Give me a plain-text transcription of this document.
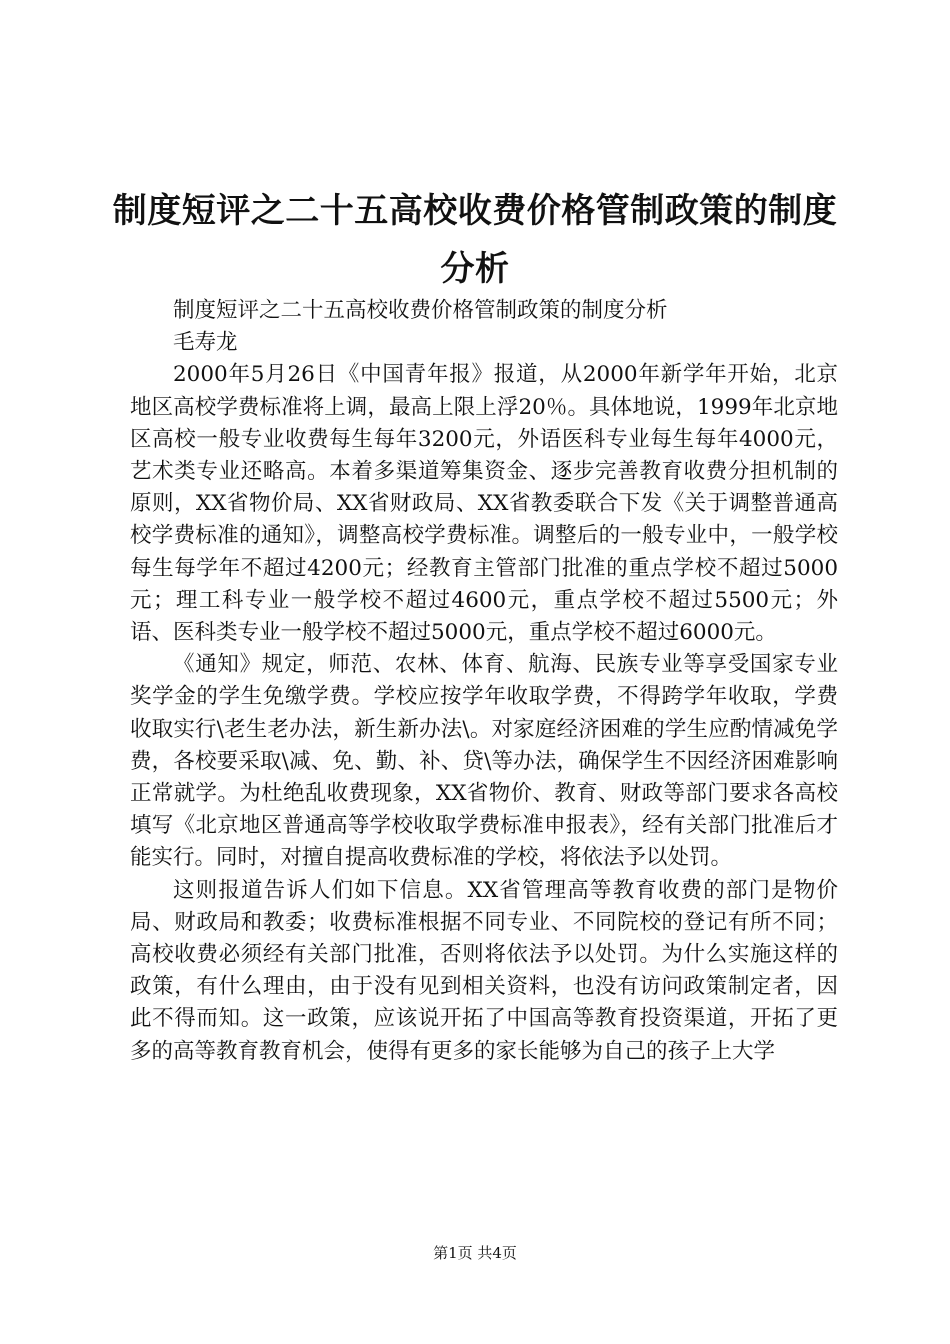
制度短评之二十五高校收费价格管制政策的制度分析

制度短评之二十五高校收费价格管制政策的制度分析

毛寿龙

2000年5月26日《中国青年报》报道，从2000年新学年开始，北京地区高校学费标准将上调，最高上限上浮20％。具体地说，1999年北京地区高校一般专业收费每生每年3200元，外语医科专业每生每年4000元，艺术类专业还略高。本着多渠道筹集资金、逐步完善教育收费分担机制的原则，XX省物价局、XX省财政局、XX省教委联合下发《关于调整普通高校学费标准的通知》，调整高校学费标准。调整后的一般专业中，一般学校每生每学年不超过4200元；经教育主管部门批准的重点学校不超过5000元；理工科专业一般学校不超过4600元，重点学校不超过5500元；外语、医科类专业一般学校不超过5000元，重点学校不超过6000元。

《通知》规定，师范、农林、体育、航海、民族专业等享受国家专业奖学金的学生免缴学费。学校应按学年收取学费，不得跨学年收取，学费收取实行\老生老办法，新生新办法\。对家庭经济困难的学生应酌情减免学费，各校要采取\减、免、勤、补、贷\等办法，确保学生不因经济困难影响正常就学。为杜绝乱收费现象，XX省物价、教育、财政等部门要求各高校填写《北京地区普通高等学校收取学费标准申报表》，经有关部门批准后才能实行。同时，对擅自提高收费标准的学校，将依法予以处罚。

这则报道告诉人们如下信息。XX省管理高等教育收费的部门是物价局、财政局和教委；收费标准根据不同专业、不同院校的登记有所不同；高校收费必须经有关部门批准，否则将依法予以处罚。为什么实施这样的政策，有什么理由，由于没有见到相关资料，也没有访问政策制定者，因此不得而知。这一政策，应该说开拓了中国高等教育投资渠道，开拓了更多的高等教育教育机会，使得有更多的家长能够为自己的孩子上大学

第1页 共4页
